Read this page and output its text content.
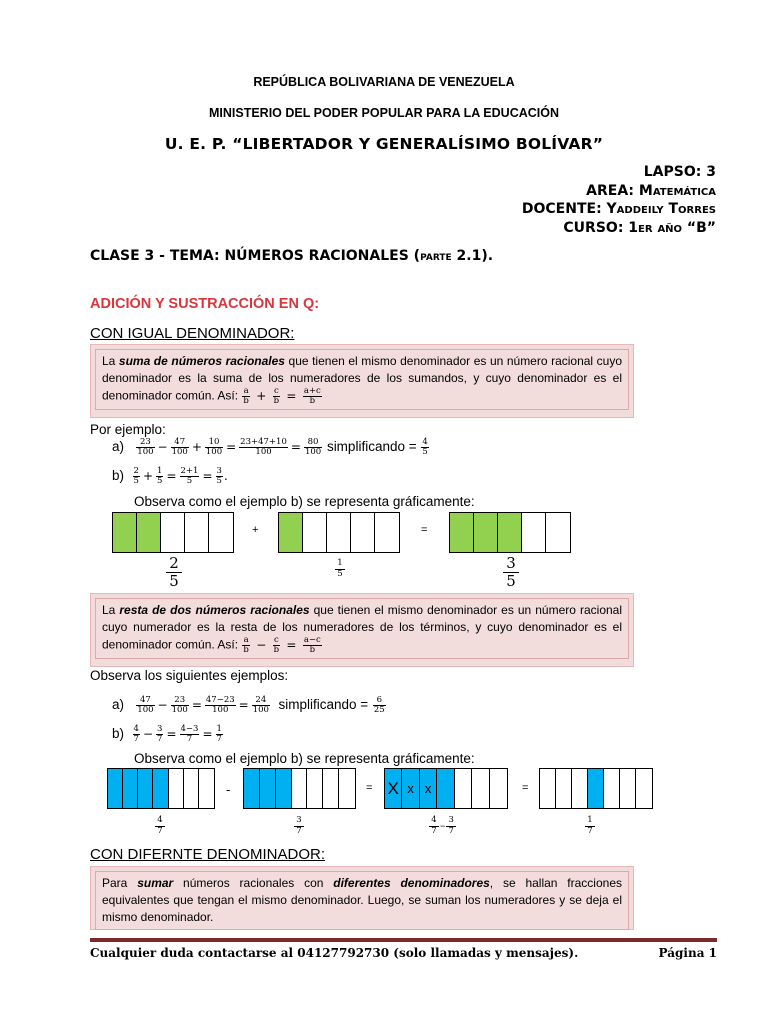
REPÚBLICA BOLIVARIANA DE VENEZUELA
MINISTERIO DEL PODER POPULAR PARA LA EDUCACIÓN
U. E. P. “LIBERTADOR Y GENERALÍSIMO BOLÍVAR”
LAPSO: 3
AREA: Matemática
DOCENTE: Yaddeily Torres
CURSO: 1er año “B”
CLASE 3 - TEMA: NÚMEROS RACIONALES (parte 2.1).
ADICIÓN Y SUSTRACCIÓN EN Q:
CON IGUAL DENOMINADOR:
La suma de números racionales que tienen el mismo denominador es un número racional cuyo denominador es la suma de los numeradores de los sumandos, y cuyo denominador es el denominador común. Así: $\frac{a}{b} + \frac{c}{b} = \frac{a+c}{b}$
Por ejemplo:
$a) \frac{23}{100} - \frac{47}{100} + \frac{10}{100} = \frac{23+47+10}{100} = \frac{80}{100}$ simplificando = $\frac{4}{5}$
$b) \frac{2}{5} + \frac{1}{5} = \frac{2+1}{5} = \frac{3}{5}$ .
Observa como el ejemplo b) se representa gráficamente:
+	=
2
5
1
5
3
5
La resta de dos números racionales que tienen el mismo denominador es un número racional cuyo numerador es la resta de los numeradores de los términos, y cuyo denominador es el denominador común. Así: $\frac{a}{b} - \frac{c}{b} = \frac{a-c}{b}$
Observa los siguientes ejemplos:
$a) \frac{47}{100} - \frac{23}{100} = \frac{47-23}{100} = \frac{24}{100}$ simplificando = $\frac{6}{25}$
$b) \frac{4}{7} - \frac{3}{7} = \frac{4-3}{7} = \frac{1}{7}$
Observa como el ejemplo b) se representa gráficamente:
-	= X x x	=
4
7
3
7
4
$7 - \frac{3}{7}$	1
7
CON DIFERNTE DENOMINADOR:
Para sumar números racionales con diferentes denominadores, se hallan fracciones equivalentes que tengan el mismo denominador. Luego, se suman los numeradores y se deja el mismo denominador.
Cualquier duda contactarse al 04127792730 (solo llamadas y mensajes).	Página 1
